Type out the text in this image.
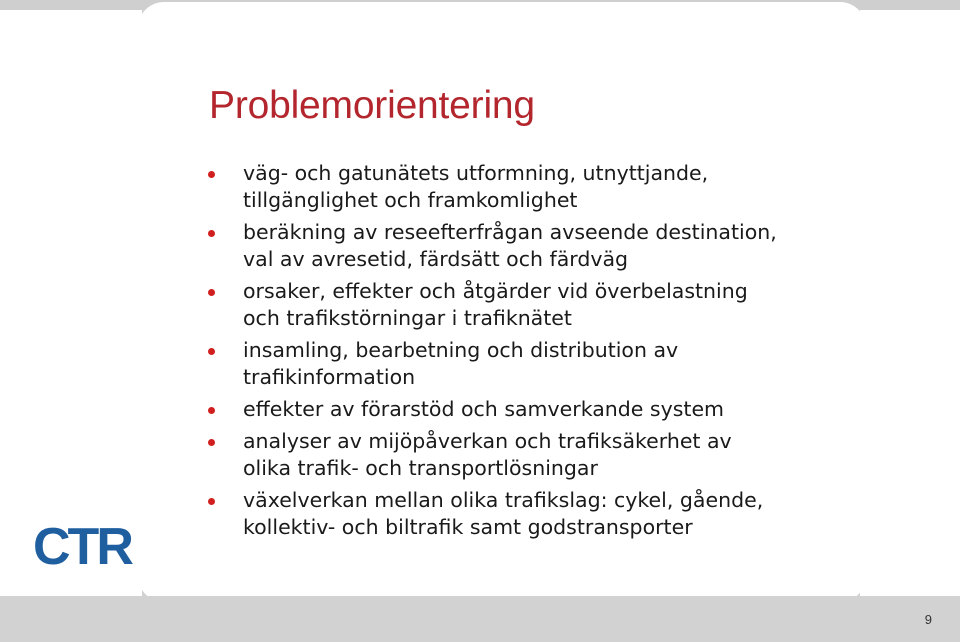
Problemorientering
väg- och gatunätets utformning, utnyttjande,
tillgänglighet och framkomlighet
beräkning av reseefterfrågan avseende destination,
val av avresetid, färdsätt och färdväg
orsaker, effekter och åtgärder vid överbelastning
och trafikstörningar i trafiknätet
insamling, bearbetning och distribution av
trafikinformation
effekter av förarstöd och samverkande system
analyser av mijöpåverkan och trafiksäkerhet av
olika trafik- och transportlösningar
växelverkan mellan olika trafikslag: cykel, gående,
kollektiv- och biltrafik samt godstransporter
CTR
9
